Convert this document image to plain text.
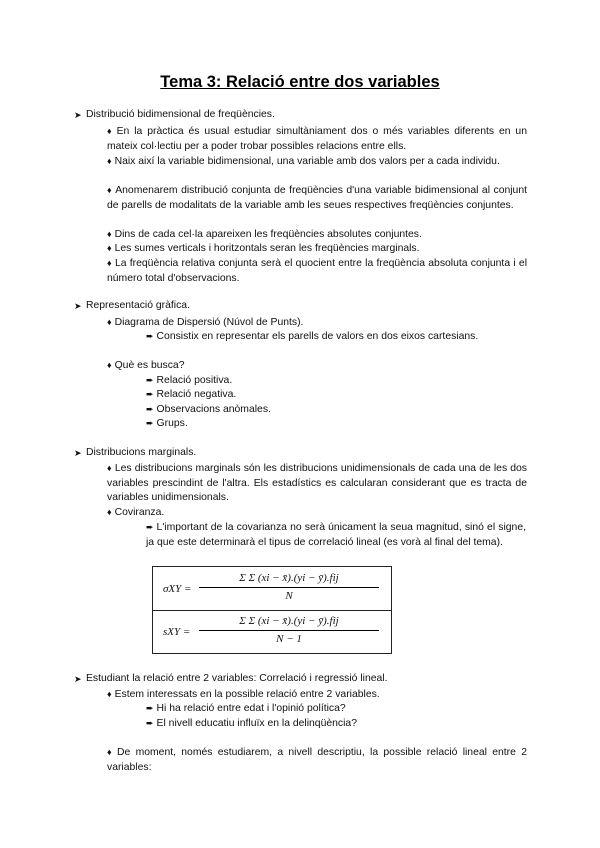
Tema 3: Relació entre dos variables
➤ Distribució bidimensional de freqüències.
♦ En la pràctica és usual estudiar simultàniament dos o més variables diferents en un mateix col·lectiu per a poder trobar possibles relacions entre ells.
♦ Naix així la variable bidimensional, una variable amb dos valors per a cada individu.
♦ Anomenarem distribució conjunta de freqüències d'una variable bidimensional al conjunt de parells de modalitats de la variable amb les seues respectives freqüències conjuntes.
♦ Dins de cada cel·la apareixen les freqüències absolutes conjuntes.
♦ Les sumes verticals i horitzontals seran les freqüències marginals.
♦ La freqüència relativa conjunta serà el quocient entre la freqüència absoluta conjunta i el número total d'observacions.
➤ Representació gràfica.
♦ Diagrama de Dispersió (Núvol de Punts).
➨ Consistix en representar els parells de valors en dos eixos cartesians.
♦ Què es busca?
➨ Relació positiva.
➨ Relació negativa.
➨ Observacions anòmales.
➨ Grups.
➤ Distribucions marginals.
♦ Les distribucions marginals són les distribucions unidimensionals de cada una de les dos variables prescindint de l'altra. Els estadístics es calcularan considerant que es tracta de variables unidimensionals.
♦ Coviranza.
➨ L'important de la covarianza no serà únicament la seua magnitud, sinó el signe, ja que este determinarà el tipus de correlació lineal (es vorà al final del tema).
σXY =
Σ Σ (xi − x̄).(yi − ȳ).fij
N
sXY =
Σ Σ (xi − x̄).(yi − ȳ).fij
N − 1
➤ Estudiant la relació entre 2 variables: Correlació i regressió lineal.
♦ Estem interessats en la possible relació entre 2 variables.
➨ Hi ha relació entre edat i l'opinió política?
➨ El nivell educatiu influïx en la delinqüència?
♦ De moment, només estudiarem, a nivell descriptiu, la possible relació lineal entre 2 variables:
